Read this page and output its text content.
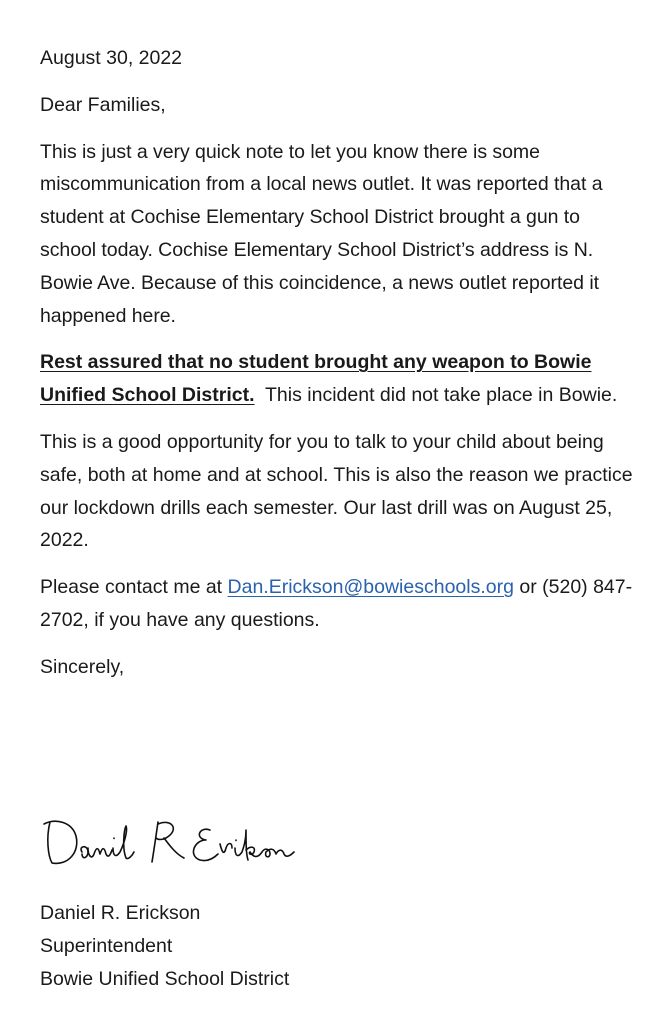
August 30, 2022

Dear Families,

This is just a very quick note to let you know there is some miscommunication from a local news outlet. It was reported that a student at Cochise Elementary School District brought a gun to school today. Cochise Elementary School District’s address is N. Bowie Ave. Because of this coincidence, a news outlet reported it happened here.

Rest assured that no student brought any weapon to Bowie Unified School District. This incident did not take place in Bowie.

This is a good opportunity for you to talk to your child about being safe, both at home and at school. This is also the reason we practice our lockdown drills each semester. Our last drill was on August 25, 2022.

Please contact me at Dan.Erickson@bowieschools.org or (520) 847-2702, if you have any questions.

Sincerely,

Daniel R. Erickson
Superintendent
Bowie Unified School District
